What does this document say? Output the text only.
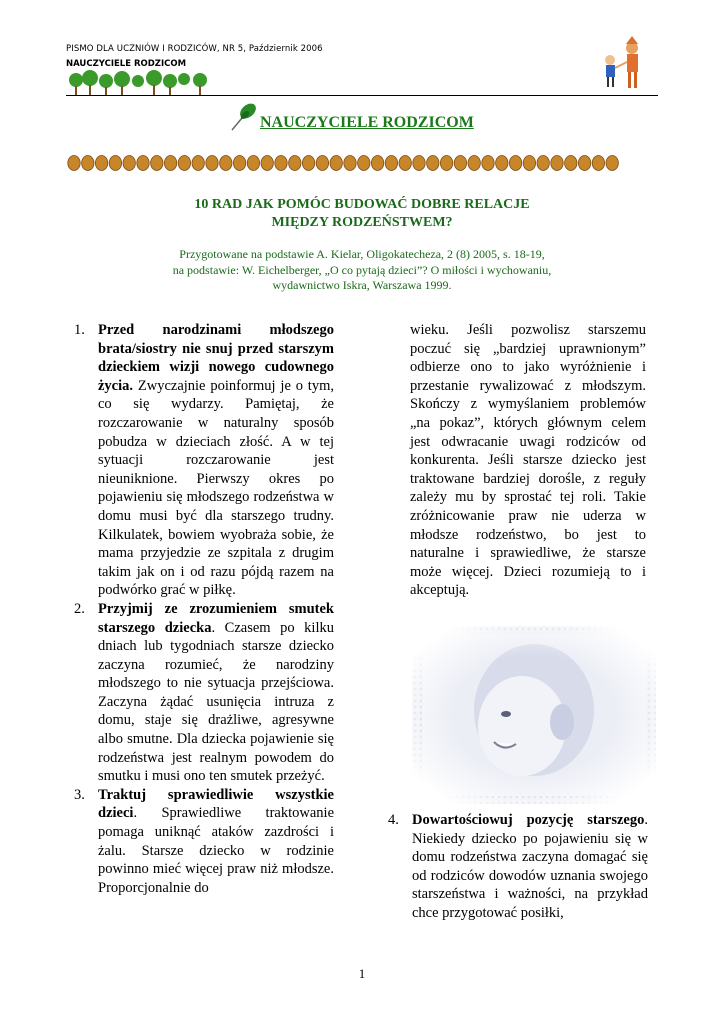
PISMO DLA UCZNIÓW I RODZICÓW, NR 5, Październik 2006
NAUCZYCIELE RODZICOM
NAUCZYCIELE RODZICOM
10 RAD JAK POMÓC BUDOWAĆ DOBRE RELACJE
MIĘDZY RODZEŃSTWEM?
Przygotowane na podstawie A. Kielar, Oligokatecheza, 2 (8) 2005, s. 18-19,
na podstawie: W. Eichelberger, „O co pytają dzieci”? O miłości i wychowaniu,
wydawnictwo Iskra, Warszawa 1999.
1. Przed narodzinami młodszego brata/siostry nie snuj przed starszym dzieckiem wizji nowego cudownego życia. Zwyczajnie poinformuj je o tym, co się wydarzy. Pamiętaj, że rozczarowanie w naturalny sposób pobudza w dzieciach złość. A w tej sytuacji rozczarowanie jest nieuniknione. Pierwszy okres po pojawieniu się młodszego rodzeństwa w domu musi być dla starszego trudny. Kilkulatek, bowiem wyobraża sobie, że mama przyjedzie ze szpitala z drugim takim jak on i od razu pójdą razem na podwórko grać w piłkę.
2. Przyjmij ze zrozumieniem smutek starszego dziecka. Czasem po kilku dniach lub tygodniach starsze dziecko zaczyna rozumieć, że narodziny młodszego to nie sytuacja przejściowa. Zaczyna żądać usunięcia intruza z domu, staje się drażliwe, agresywne albo smutne. Dla dziecka pojawienie się rodzeństwa jest realnym powodem do smutku i musi ono ten smutek przeżyć.
3. Traktuj sprawiedliwie wszystkie dzieci. Sprawiedliwe traktowanie pomaga uniknąć ataków zazdrości i żalu. Starsze dziecko w rodzinie powinno mieć więcej praw niż młodsze. Proporcjonalnie do
wieku. Jeśli pozwolisz starszemu poczuć się „bardziej uprawnionym” odbierze ono to jako wyróżnienie i przestanie rywalizować z młodszym. Skończy z wymyślaniem problemów „na pokaz”, których głównym celem jest odwracanie uwagi rodziców od konkurenta. Jeśli starsze dziecko jest traktowane bardziej dorośle, z reguły zależy mu by sprostać tej roli. Takie zróżnicowanie praw nie uderza w młodsze rodzeństwo, bo jest to naturalne i sprawiedliwe, że starsze może więcej. Dzieci rozumieją to i akceptują.
4. Dowartościowuj pozycję starszego. Niekiedy dziecko po pojawieniu się w domu rodzeństwa zaczyna domagać się od rodziców dowodów uznania swojego starszeństwa i ważności, na przykład chce przygotować posiłki,
1
